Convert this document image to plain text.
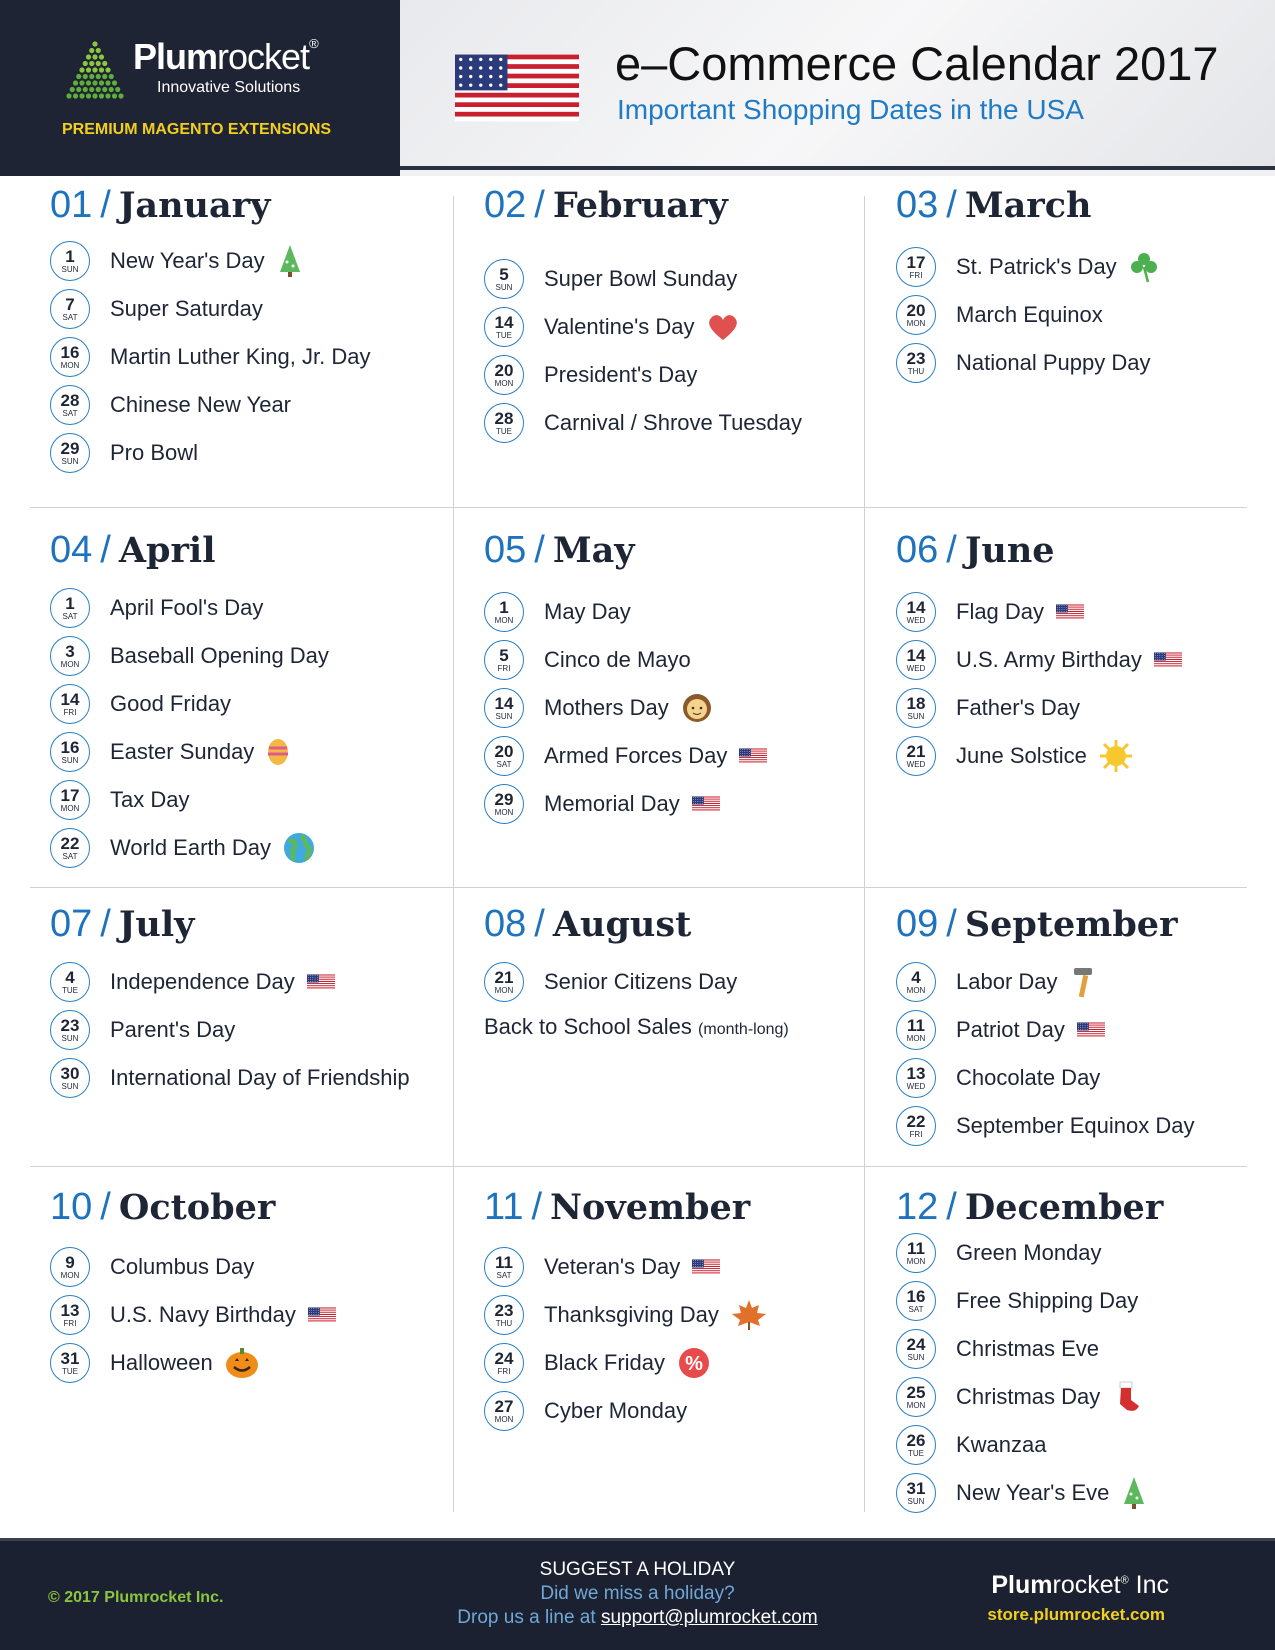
Plumrocket®
Innovative Solutions
PREMIUM MAGENTO EXTENSIONS
e–Commerce Calendar 2017
Important Shopping Dates in the USA
01 / January
1
SUN New Year's Day
7
SAT Super Saturday
16
MON Martin Luther King, Jr. Day
28
SAT Chinese New Year
29
SUN Pro Bowl
02 / February
5
SUN Super Bowl Sunday
14
TUE Valentine's Day
20
MON President's Day
28
TUE Carnival / Shrove Tuesday
03 / March
17
FRI St. Patrick's Day
20
MON March Equinox
23
THU National Puppy Day
04 / April
1
SAT April Fool's Day
3
MON Baseball Opening Day
14
FRI Good Friday
16
SUN Easter Sunday
17
MON Tax Day
22
SAT World Earth Day
05 / May
1
MON May Day
5
FRI Cinco de Mayo
14
SUN Mothers Day
20
SAT Armed Forces Day
29
MON Memorial Day
06 / June
14
WED Flag Day
14
WED U.S. Army Birthday
18
SUN Father's Day
21
WED June Solstice
07 / July
4
TUE Independence Day
23
SUN Parent's Day
30
SUN International Day of Friendship
08 / August
21
MON Senior Citizens Day
Back to School Sales (month-long)
09 / September
4
MON Labor Day
11
MON Patriot Day
13
WED Chocolate Day
22
FRI September Equinox Day
10 / October
9
MON Columbus Day
13
FRI U.S. Navy Birthday
31
TUE Halloween
11 / November
11
SAT Veteran's Day
23
THU Thanksgiving Day
24
FRI Black Friday %
27
MON Cyber Monday
12 / December
11
MON Green Monday
16
SAT Free Shipping Day
24
SUN Christmas Eve
25
MON Christmas Day
26
TUE Kwanzaa
31
SUN New Year's Eve
© 2017 Plumrocket Inc.
SUGGEST A HOLIDAY
Did we miss a holiday?
Drop us a line at support@plumrocket.com
Plumrocket® Inc
store.plumrocket.com
